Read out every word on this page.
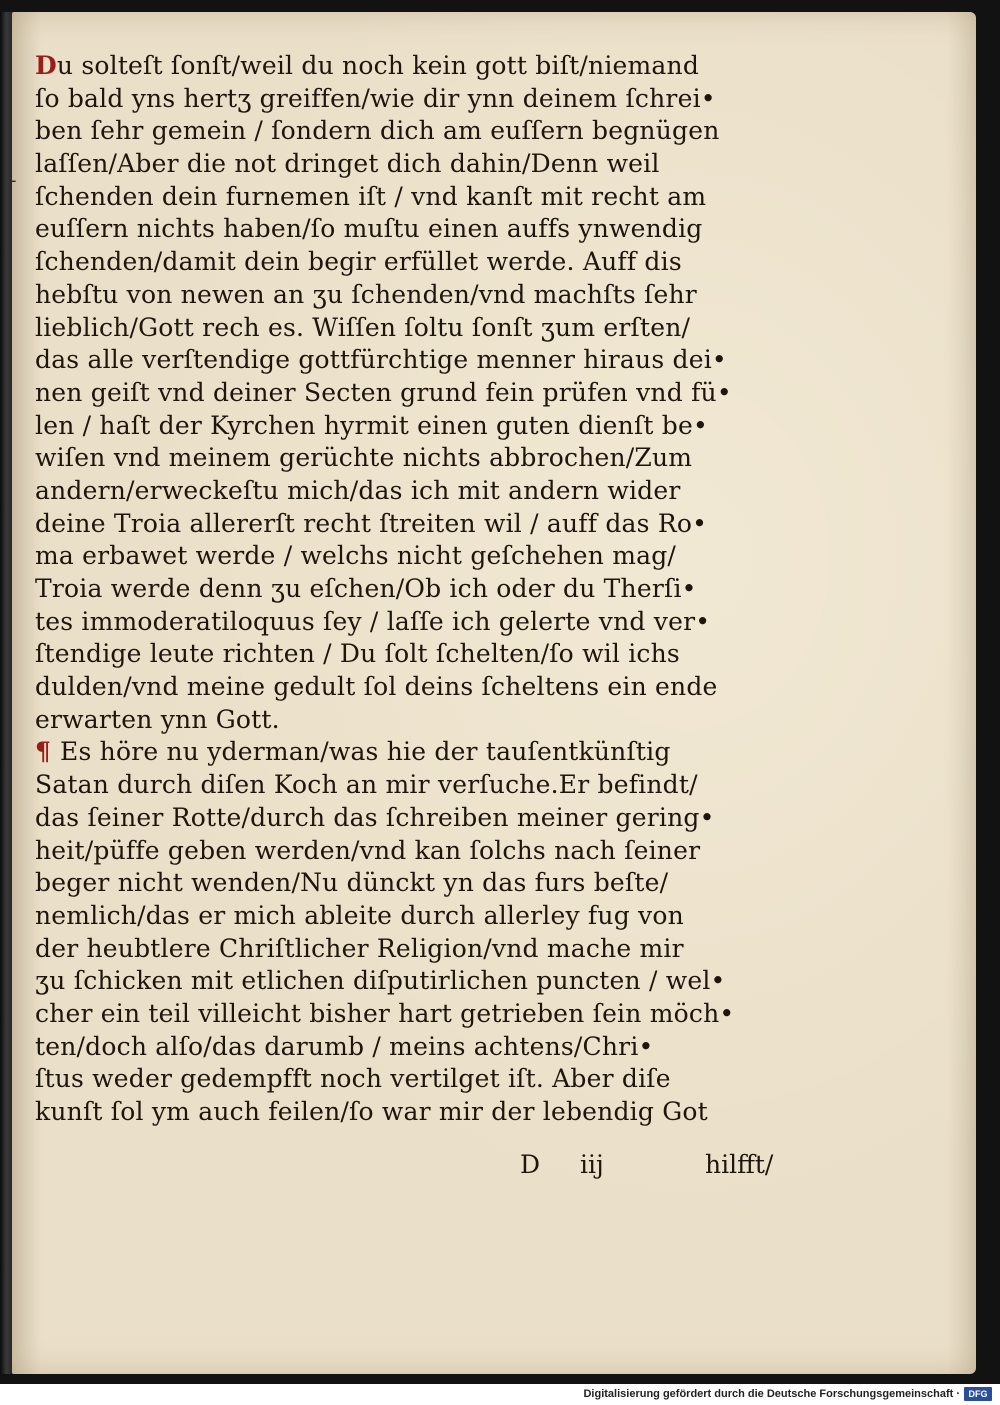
-
Du solteſt ſonſt/weil du noch kein gott biſt/niemand
ſo bald yns hertʒ greiffen/wie dir ynn deinem ſchrei•
ben ſehr gemein / ſondern dich am euſſern begnügen
laſſen/Aber die not dringet dich dahin/Denn weil
ſchenden dein furnemen iſt / vnd kanſt mit recht am
euſſern nichts haben/ſo muſtu einen auffs ynwendig
ſchenden/damit dein begir erfüllet werde. Auff dis
hebſtu von newen an ʒu ſchenden/vnd machſts ſehr
lieblich/Gott rech es. Wiſſen ſoltu ſonſt ʒum erſten/
das alle verſtendige gottfürchtige menner hiraus dei•
nen geiſt vnd deiner Secten grund fein prüfen vnd fü•
len / haſt der Kyrchen hyrmit einen guten dienſt be•
wiſen vnd meinem gerüchte nichts abbrochen/Zum
andern/erweckeſtu mich/das ich mit andern wider
deine Troia allererſt recht ſtreiten wil / auff das Ro•
ma erbawet werde / welchs nicht geſchehen mag/
Troia werde denn ʒu eſchen/Ob ich oder du Therſi•
tes immoderatiloquus ſey / laſſe ich gelerte vnd ver•
ſtendige leute richten / Du ſolt ſchelten/ſo wil ichs
dulden/vnd meine gedult ſol deins ſcheltens ein ende
erwarten ynn Gott.
¶ Es höre nu yderman/was hie der tauſentkünſtig
Satan durch diſen Koch an mir verſuche.Er befindt/
das ſeiner Rotte/durch das ſchreiben meiner gering•
heit/püffe geben werden/vnd kan ſolchs nach ſeiner
beger nicht wenden/Nu dünckt yn das furs beſte/
nemlich/das er mich ableite durch allerley fug von
der heubtlere Chriſtlicher Religion/vnd mache mir
ʒu ſchicken mit etlichen diſputirlichen puncten / wel•
cher ein teil villeicht bisher hart getrieben ſein möch•
ten/doch alſo/das darumb / meins achtens/Chri•
ſtus weder gedempfft noch vertilget iſt. Aber diſe
kunſt ſol ym auch feilen/ſo war mir der lebendig Got
D iij	hilfft/
Digitalisierung gefördert durch die Deutsche Forschungsgemeinschaft · DFG
